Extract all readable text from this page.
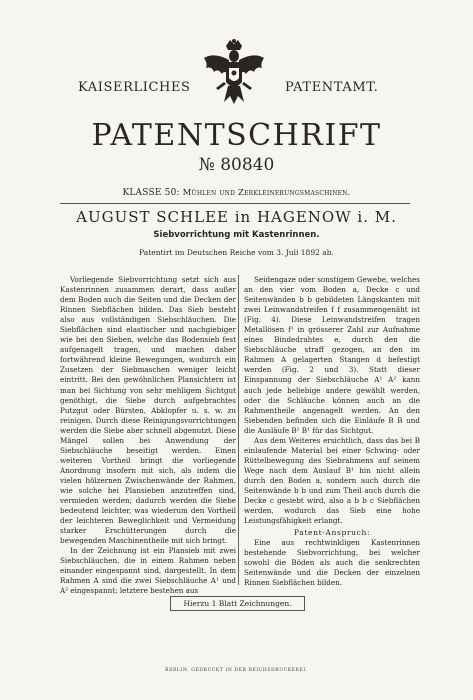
KAISERLICHES	PATENTAMT.
PATENTSCHRIFT
№ 80840
KLASSE 50: Mühlen und Zerkleinerungsmaschinen.
AUGUST SCHLEE in HAGENOW i. M.
Siebvorrichtung mit Kastenrinnen.
Patentirt im Deutschen Reiche vom 3. Juli 1892 ab.

Vorliegende Siebvorrichtung setzt sich aus Kastenrinnen zusammen derart, dass außer dem Boden auch die Seiten und die Decken der Rinnen Siebflächen bilden. Das Sieb besteht also aus vollständigen Siebschläuchen. Die Siebflächen sind elastischer und nachgiebiger wie bei den Sieben, welche das Bodensieb fest aufgenagelt tragen, und machen daher fortwährend kleine Bewegungen, wodurch ein Zusetzen der Siebmaschen weniger leicht eintritt. Bei den gewöhnlichen Plansichtern ist man bei Sichtung von sehr mehligem Sichtgut genöthigt, die Siebe durch aufgebrachtes Putzgut oder Bürsten, Abklopfer u. s. w. zu reinigen. Durch diese Reinigungsvorrichtungen werden die Siebe aber schnell abgenutzt. Diese Mängel sollen bei Anwendung der Siebschläuche beseitigt werden. Einen weiteren Vortheil bringt die vorliegende Anordnung insofern mit sich, als indem die vielen hölzernen Zwischenwände der Rahmen, wie solche bei Plansieben anzutreffen sind, vermieden werden; dadurch werden die Siebe bedeutend leichter, was wiederum den Vortheil der leichteren Beweglichkeit und Vermeidung starker Erschütterungen durch die bewegenden Maschinentheile mit sich bringt.

In der Zeichnung ist ein Plansieb mit zwei Siebschläuchen, die in einem Rahmen neben einander eingespannt sind, dargestellt. In dem Rahmen A sind die zwei Siebschläuche A¹ und A² eingespannt; letztere bestehen aus

Seidengaze oder sonstigem Gewebe, welches an den vier vom Boden a, Decke c und Seitenwänden b b gebildeten Längskanten mit zwei Leinwandstreifen f f zusammengenäht ist (Fig. 4). Diese Leinwandstreifen tragen Metallösen f¹ in grösserer Zahl zur Aufnahme eines Bindedrahtes e, durch den die Siebschläuche straff gezogen, an den im Rahmen A gelagerten Stangen d befestigt werden (Fig. 2 und 3). Statt dieser Einspannung der Siebschläuche A¹ A² kann auch jede beliebige andere gewählt werden, oder die Schläuche können auch an die Rahmentheile angenagelt werden. An den Siebenden befinden sich die Einläufe B B und die Ausläufe B¹ B¹ für das Sichtgut.

Aus dem Weiteres ersichtlich, dass das bei B einlaufende Material bei einer Schwing- oder Rüttelbewegung des Siebrahmens auf seinem Wege nach dem Auslauf B¹ hin nicht allein durch den Boden a, sondern auch durch die Seitenwände b b und zum Theil auch durch die Decke c gesiebt wird, also a b b c Siebflächen werden, wodurch das Sieb eine hohe Leistungsfähigkeit erlangt.

Patent-Anspruch:

Eine aus rechtwinkligen Kastenrinnen bestehende Siebvorrichtung, bei welcher sowohl die Böden als auch die senkrechten Seitenwände und die Decken der einzelnen Rinnen Siebflächen bilden.

Hierzu 1 Blatt Zeichnungen.
BERLIN. GEDRUCKT IN DER REICHSDRUCKEREI.
